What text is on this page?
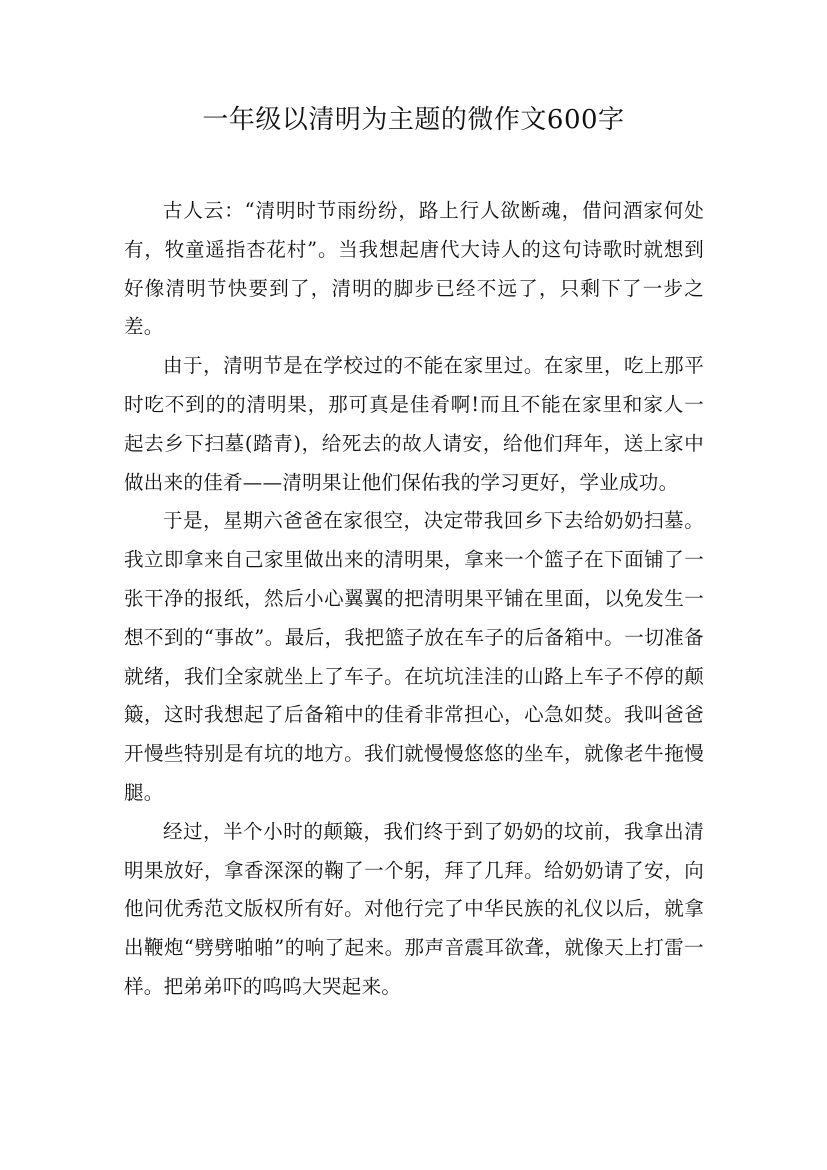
一年级以清明为主题的微作文600字

古人云：“清明时节雨纷纷，路上行人欲断魂，借问酒家何处有，牧童遥指杏花村”。当我想起唐代大诗人的这句诗歌时就想到好像清明节快要到了，清明的脚步已经不远了，只剩下了一步之差。

由于，清明节是在学校过的不能在家里过。在家里，吃上那平时吃不到的的清明果，那可真是佳肴啊!而且不能在家里和家人一起去乡下扫墓(踏青)，给死去的故人请安，给他们拜年，送上家中做出来的佳肴——清明果让他们保佑我的学习更好，学业成功。

于是，星期六爸爸在家很空，决定带我回乡下去给奶奶扫墓。我立即拿来自己家里做出来的清明果，拿来一个篮子在下面铺了一张干净的报纸，然后小心翼翼的把清明果平铺在里面，以免发生一想不到的“事故”。最后，我把篮子放在车子的后备箱中。一切准备就绪，我们全家就坐上了车子。在坑坑洼洼的山路上车子不停的颠簸，这时我想起了后备箱中的佳肴非常担心，心急如焚。我叫爸爸开慢些特别是有坑的地方。我们就慢慢悠悠的坐车，就像老牛拖慢腿。

经过，半个小时的颠簸，我们终于到了奶奶的坟前，我拿出清明果放好，拿香深深的鞠了一个躬，拜了几拜。给奶奶请了安，向他问优秀范文版权所有好。对他行完了中华民族的礼仪以后，就拿出鞭炮“劈劈啪啪”的响了起来。那声音震耳欲聋，就像天上打雷一样。把弟弟吓的呜呜大哭起来。
